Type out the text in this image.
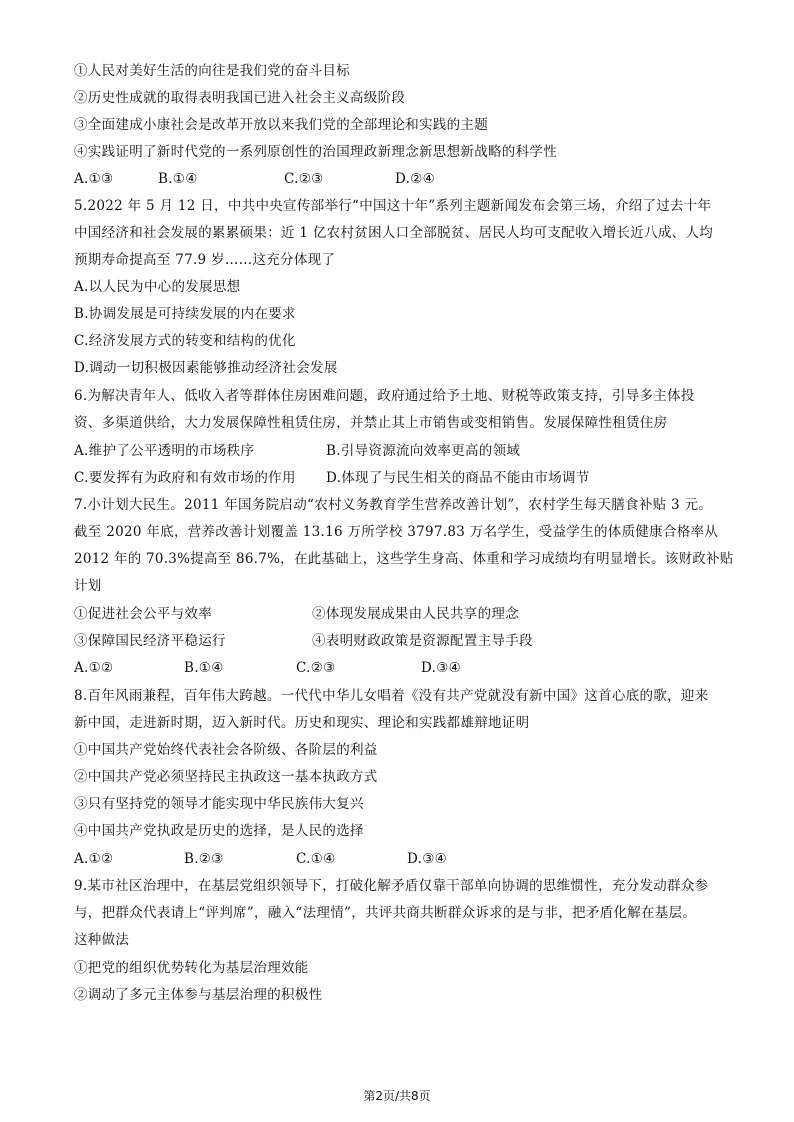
①人民对美好生活的向往是我们党的奋斗目标
②历史性成就的取得表明我国已进入社会主义高级阶段
③全面建成小康社会是改革开放以来我们党的全部理论和实践的主题
④实践证明了新时代党的一系列原创性的治国理政新理念新思想新战略的科学性
A.①③	B.①④	C.②③	D.②④
5.2022 年 5 月 12 日，中共中央宣传部举行“中国这十年”系列主题新闻发布会第三场，介绍了过去十年
中国经济和社会发展的累累硕果：近 1 亿农村贫困人口全部脱贫、居民人均可支配收入增长近八成、人均
预期寿命提高至 77.9 岁……这充分体现了
A.以人民为中心的发展思想
B.协调发展是可持续发展的内在要求
C.经济发展方式的转变和结构的优化
D.调动一切积极因素能够推动经济社会发展
6.为解决青年人、低收入者等群体住房困难问题，政府通过给予土地、财税等政策支持，引导多主体投
资、多渠道供给，大力发展保障性租赁住房，并禁止其上市销售或变相销售。发展保障性租赁住房
A.维护了公平透明的市场秩序	B.引导资源流向效率更高的领域
C.要发挥有为政府和有效市场的作用 D.体现了与民生相关的商品不能由市场调节
7.小计划大民生。2011 年国务院启动“农村义务教育学生营养改善计划”，农村学生每天膳食补贴 3 元。
截至 2020 年底，营养改善计划覆盖 13.16 万所学校 3797.83 万名学生，受益学生的体质健康合格率从
2012 年的 70.3%提高至 86.7%，在此基础上，这些学生身高、体重和学习成绩均有明显增长。该财政补贴
计划
①促进社会公平与效率	②体现发展成果由人民共享的理念
③保障国民经济平稳运行	④表明财政政策是资源配置主导手段
A.①②	B.①④	C.②③	D.③④
8.百年风雨兼程，百年伟大跨越。一代代中华儿女唱着《没有共产党就没有新中国》这首心底的歌，迎来
新中国，走进新时期，迈入新时代。历史和现实、理论和实践都雄辩地证明
①中国共产党始终代表社会各阶级、各阶层的利益
②中国共产党必须坚持民主执政这一基本执政方式
③只有坚持党的领导才能实现中华民族伟大复兴
④中国共产党执政是历史的选择，是人民的选择
A.①②	B.②③	C.①④	D.③④
9.某市社区治理中，在基层党组织领导下，打破化解矛盾仅靠干部单向协调的思维惯性，充分发动群众参
与，把群众代表请上“评判席”，融入“法理情”，共评共商共断群众诉求的是与非，把矛盾化解在基层。
这种做法
①把党的组织优势转化为基层治理效能
②调动了多元主体参与基层治理的积极性
第2页/共8页
